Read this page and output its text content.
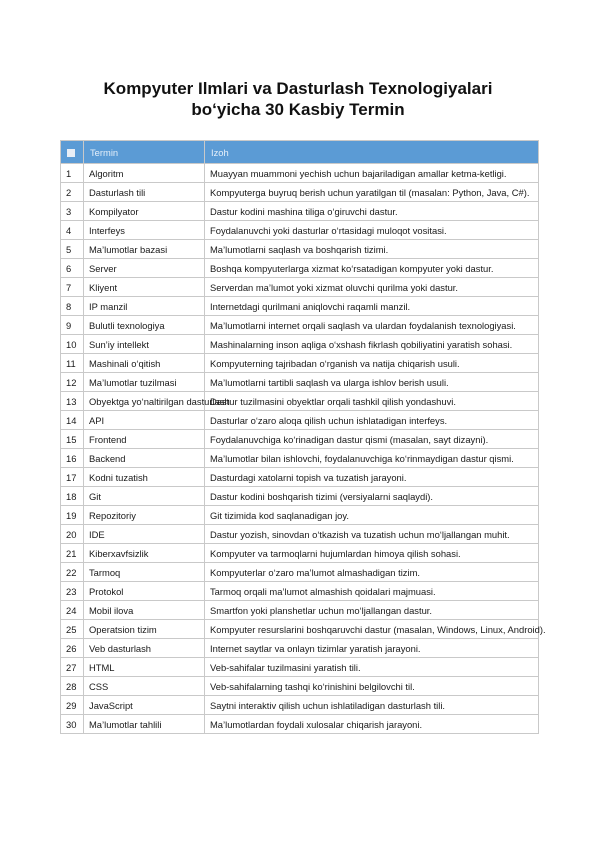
Kompyuter Ilmlari va Dasturlash Texnologiyalari
bo‘yicha 30 Kasbiy Termin
	Termin	Izoh
1	Algoritm	Muayyan muammoni yechish uchun bajariladigan amallar ketma-ketligi.
2	Dasturlash tili	Kompyuterga buyruq berish uchun yaratilgan til (masalan: Python, Java, C#).
3	Kompilyator	Dastur kodini mashina tiliga o‘giruvchi dastur.
4	Interfeys	Foydalanuvchi yoki dasturlar o‘rtasidagi muloqot vositasi.
5	Ma’lumotlar bazasi	Ma’lumotlarni saqlash va boshqarish tizimi.
6	Server	Boshqa kompyuterlarga xizmat ko‘rsatadigan kompyuter yoki dastur.
7	Kliyent	Serverdan ma’lumot yoki xizmat oluvchi qurilma yoki dastur.
8	IP manzil	Internetdagi qurilmani aniqlovchi raqamli manzil.
9	Bulutli texnologiya	Ma’lumotlarni internet orqali saqlash va ulardan foydalanish texnologiyasi.
10	Sun’iy intellekt	Mashinalarning inson aqliga o‘xshash fikrlash qobiliyatini yaratish sohasi.
11	Mashinali o‘qitish	Kompyuterning tajribadan o‘rganish va natija chiqarish usuli.
12	Ma’lumotlar tuzilmasi	Ma’lumotlarni tartibli saqlash va ularga ishlov berish usuli.
13	Obyektga yo‘naltirilgan dasturlash	Dastur tuzilmasini obyektlar orqali tashkil qilish yondashuvi.
14	API	Dasturlar o‘zaro aloqa qilish uchun ishlatadigan interfeys.
15	Frontend	Foydalanuvchiga ko‘rinadigan dastur qismi (masalan, sayt dizayni).
16	Backend	Ma’lumotlar bilan ishlovchi, foydalanuvchiga ko‘rinmaydigan dastur qismi.
17	Kodni tuzatish	Dasturdagi xatolarni topish va tuzatish jarayoni.
18	Git	Dastur kodini boshqarish tizimi (versiyalarni saqlaydi).
19	Repozitoriy	Git tizimida kod saqlanadigan joy.
20	IDE	Dastur yozish, sinovdan o‘tkazish va tuzatish uchun mo‘ljallangan muhit.
21	Kiberxavfsizlik	Kompyuter va tarmoqlarni hujumlardan himoya qilish sohasi.
22	Tarmoq	Kompyuterlar o‘zaro ma’lumot almashadigan tizim.
23	Protokol	Tarmoq orqali ma’lumot almashish qoidalari majmuasi.
24	Mobil ilova	Smartfon yoki planshetlar uchun mo‘ljallangan dastur.
25	Operatsion tizim	Kompyuter resurslarini boshqaruvchi dastur (masalan, Windows, Linux, Android).
26	Veb dasturlash	Internet saytlar va onlayn tizimlar yaratish jarayoni.
27	HTML	Veb-sahifalar tuzilmasini yaratish tili.
28	CSS	Veb-sahifalarning tashqi ko‘rinishini belgilovchi til.
29	JavaScript	Saytni interaktiv qilish uchun ishlatiladigan dasturlash tili.
30	Ma’lumotlar tahlili	Ma’lumotlardan foydali xulosalar chiqarish jarayoni.
